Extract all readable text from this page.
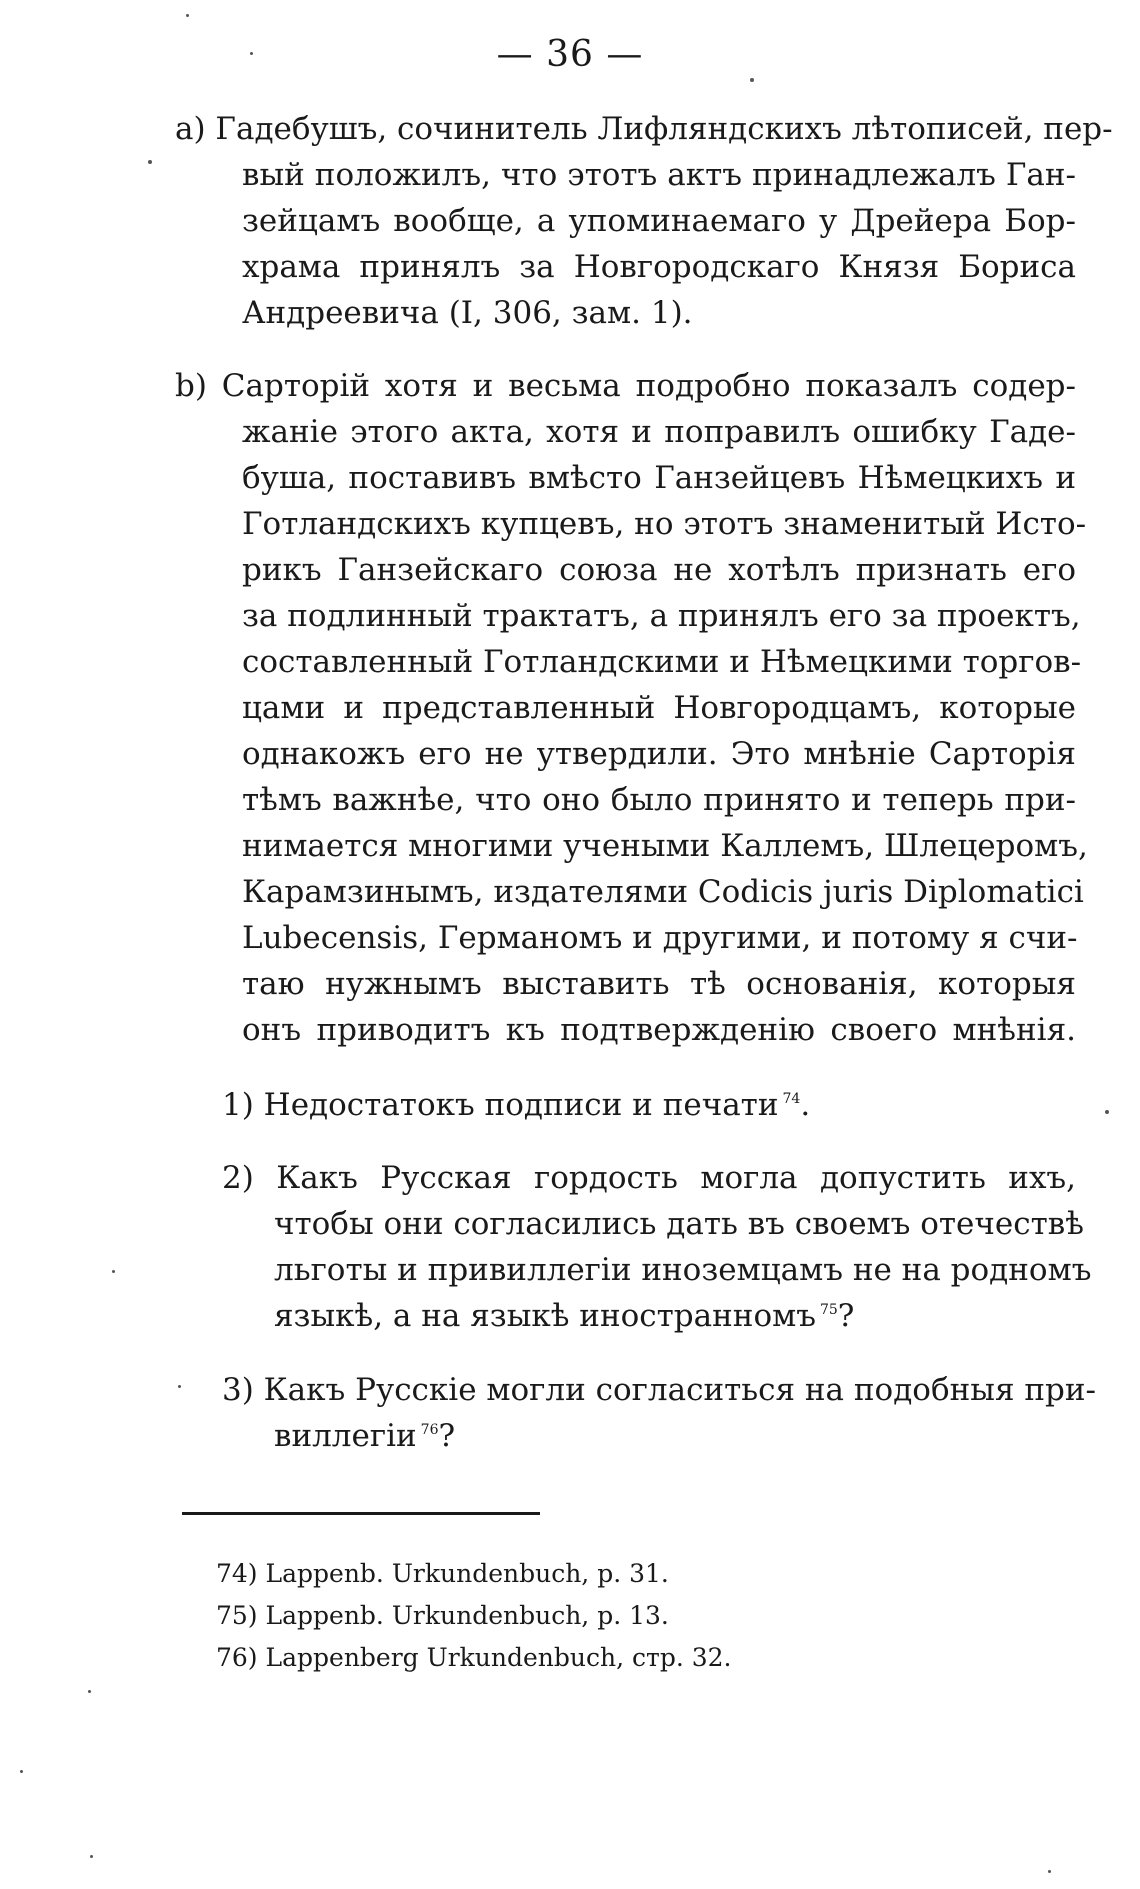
— 36 —
а) Гадебушъ, сочинитель Лифляндскихъ лѣтописей, пер-
вый положилъ, что этотъ актъ принадлежалъ Ган-
зейцамъ вообще, а упоминаемаго у Дрейера Бор-
храма принялъ за Новгородскаго Князя Бориса
Андреевича (I, 306, зам. 1).
b) Сарторій хотя и весьма подробно показалъ содер-
жаніе этого акта, хотя и поправилъ ошибку Гаде-
буша, поставивъ вмѣсто Ганзейцевъ Нѣмецкихъ и
Готландскихъ купцевъ, но этотъ знаменитый Исто-
рикъ Ганзейскаго союза не хотѣлъ признать его
за подлинный трактатъ, а принялъ его за проектъ,
составленный Готландскими и Нѣмецкими торгов-
цами и представленный Новгородцамъ, которые
однакожъ его не утвердили. Это мнѣніе Сарторія
тѣмъ важнѣе, что оно было принято и теперь при-
нимается многими учеными Каллемъ, Шлецеромъ,
Карамзинымъ, издателями Codicis juris Diplomatici
Lubecensis, Германомъ и другими, и потому я счи-
таю нужнымъ выставить тѣ основанія, которыя
онъ приводитъ къ подтвержденію своего мнѣнія.
1) Недостатокъ подписи и печати $^{74}$.
2) Какъ Русская гордость могла допустить ихъ,
чтобы они согласились дать въ своемъ отечествѣ
льготы и привиллегіи иноземцамъ не на родномъ
языкѣ, а на языкѣ иностранномъ $^{75}$?
3) Какъ Русскіе могли согласиться на подобныя при-
виллегіи $^{76}$?
74) Lappenb. Urkundenbuch, p. 31.
75) Lappenb. Urkundenbuch, p. 13.
76) Lappenberg Urkundenbuch, стр. 32.
